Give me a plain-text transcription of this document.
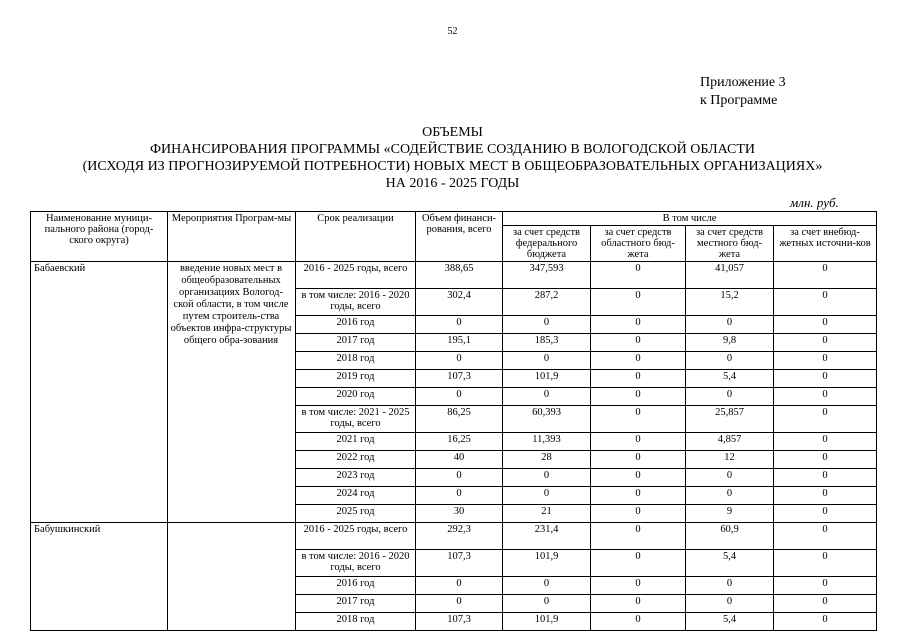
52
Приложение 3
к Программе
ОБЪЕМЫ
ФИНАНСИРОВАНИЯ ПРОГРАММЫ «СОДЕЙСТВИЕ СОЗДАНИЮ В ВОЛОГОДСКОЙ ОБЛАСТИ
(ИСХОДЯ ИЗ ПРОГНОЗИРУЕМОЙ ПОТРЕБНОСТИ) НОВЫХ МЕСТ В ОБЩЕОБРАЗОВАТЕЛЬНЫХ ОРГАНИЗАЦИЯХ»
НА 2016 - 2025 ГОДЫ
млн. руб.
Наименование муници-пального района (город-ского округа)	Мероприятия Програм-мы	Срок реализации	Объем финанси-рования, всего	В том числе			
				за счет средств федерального бюджета	за счет средств областного бюд-жета	за счет средств местного бюд-жета	за счет внебюд-жетных источни-ков
Бабаевский	введение новых мест в общеобразовательных организациях Вологод-ской области, в том числе путем строитель-ства объектов инфра-структуры общего обра-зования	2016 - 2025 годы, всего	388,65	347,593	0	41,057	0
		в том числе: 2016 - 2020 годы, всего	302,4	287,2	0	15,2	0
		2016 год	0	0	0	0	0
		2017 год	195,1	185,3	0	9,8	0
		2018 год	0	0	0	0	0
		2019 год	107,3	101,9	0	5,4	0
		2020 год	0	0	0	0	0
		в том числе: 2021 - 2025 годы, всего	86,25	60,393	0	25,857	0
		2021 год	16,25	11,393	0	4,857	0
		2022 год	40	28	0	12	0
		2023 год	0	0	0	0	0
		2024 год	0	0	0	0	0
		2025 год	30	21	0	9	0
Бабушкинский		2016 - 2025 годы, всего	292,3	231,4	0	60,9	0
		в том числе: 2016 - 2020 годы, всего	107,3	101,9	0	5,4	0
		2016 год	0	0	0	0	0
		2017 год	0	0	0	0	0
		2018 год	107,3	101,9	0	5,4	0
